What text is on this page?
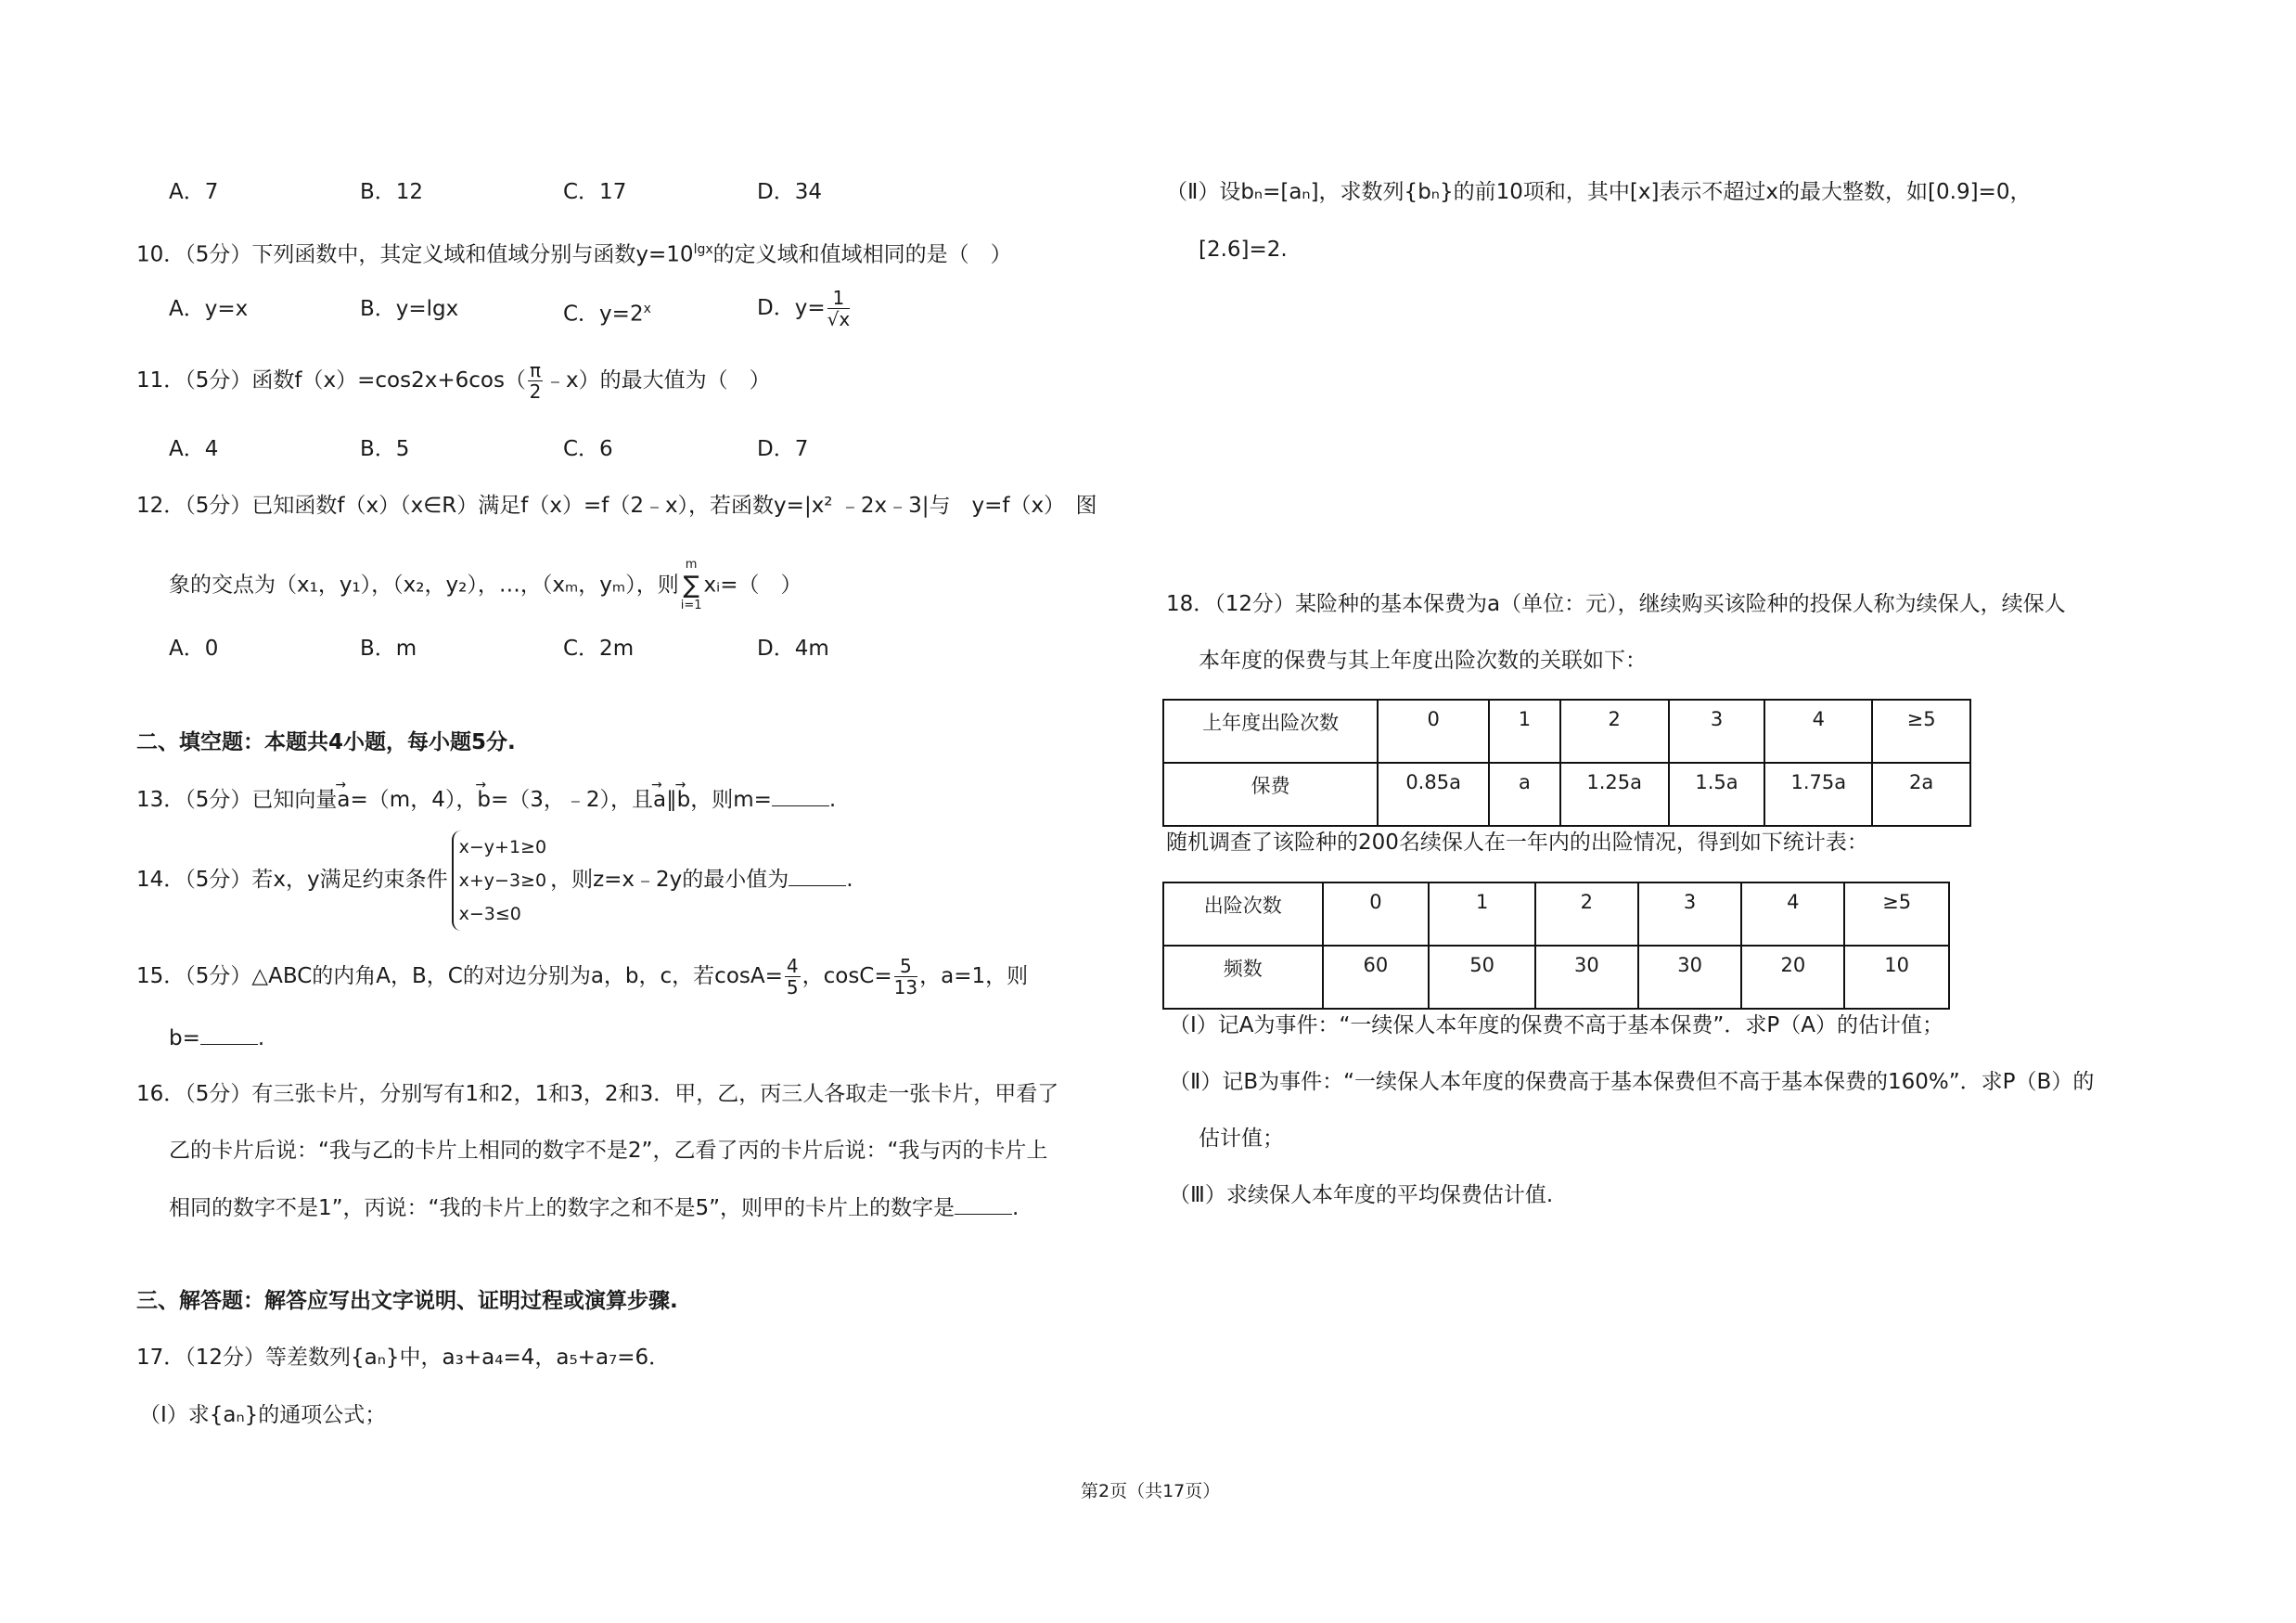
A．7	B．12	C．17	D．34
10．（5分）下列函数中，其定义域和值域分别与函数$y=10^{lgx}$的定义域和值域相同的是（　）
A．y=x	B．y=lgx	C．$y=2^x$	D．$y= \frac{1}{√x}$
11．（5分）函数$f(x)=\cos 2x+6\cos( \frac{\pi}{2}$ ﹣x）的最大值为（　）
A．4	B．5	C．6	D．7
12．（5分）已知函数f（x）（x∈R）满足f（x）=f（2﹣x），若函数y=|x² ﹣2x﹣3|与　y=f（x）　图
象的交点为（x₁，y₁），（x₂，y₂），…，（xₘ，yₘ），则m
∑
i=1xᵢ=（　）
A．0	B．m	C．2m	D．4m
二、填空题：本题共4小题，每小题5分.
13．（5分）已知向量→ a=（m，4），→ b=（3，﹣2），且→ a∥→ b，则m=	.
14．（5分）若x，y满足约束条件
x−y+1≥0
x+y−3≥0
x−3≤0
，则z=x﹣2y的最小值为	.
15．（5分）△ABC的内角A，B，C的对边分别为a，b，c，若$\cos A= \frac{4}{5}$ ，$\cos C= \frac{5}{13}$ ，a=1，则
b=	.
16．（5分）有三张卡片，分别写有1和2，1和3，2和3．甲，乙，丙三人各取走一张卡片，甲看了
乙的卡片后说：“我与乙的卡片上相同的数字不是2”，乙看了丙的卡片后说：“我与丙的卡片上
相同的数字不是1”，丙说：“我的卡片上的数字之和不是5”，则甲的卡片上的数字是	.
三、解答题：解答应写出文字说明、证明过程或演算步骤.
17．（12分）等差数列{aₙ}中，a₃+a₄=4，a₅+a₇=6．
（Ⅰ）求{aₙ}的通项公式；
（Ⅱ）设bₙ=[aₙ]，求数列{bₙ}的前10项和，其中[x]表示不超过x的最大整数，如[0.9]=0，
[2.6]=2.
18．（12分）某险种的基本保费为a（单位：元），继续购买该险种的投保人称为续保人，续保人
本年度的保费与其上年度出险次数的关联如下：
上年度出险次数	0	1	2	3	4	≥5
保费	0.85a	a	1.25a	1.5a	1.75a	2a
随机调查了该险种的200名续保人在一年内的出险情况，得到如下统计表：
出险次数	0	1	2	3	4	≥5
频数	60	50	30	30	20	10
（Ⅰ）记A为事件：“一续保人本年度的保费不高于基本保费”．求P（A）的估计值；
（Ⅱ）记B为事件：“一续保人本年度的保费高于基本保费但不高于基本保费的160%”．求P（B）的
估计值；
（Ⅲ）求续保人本年度的平均保费估计值.
第2页（共17页）
